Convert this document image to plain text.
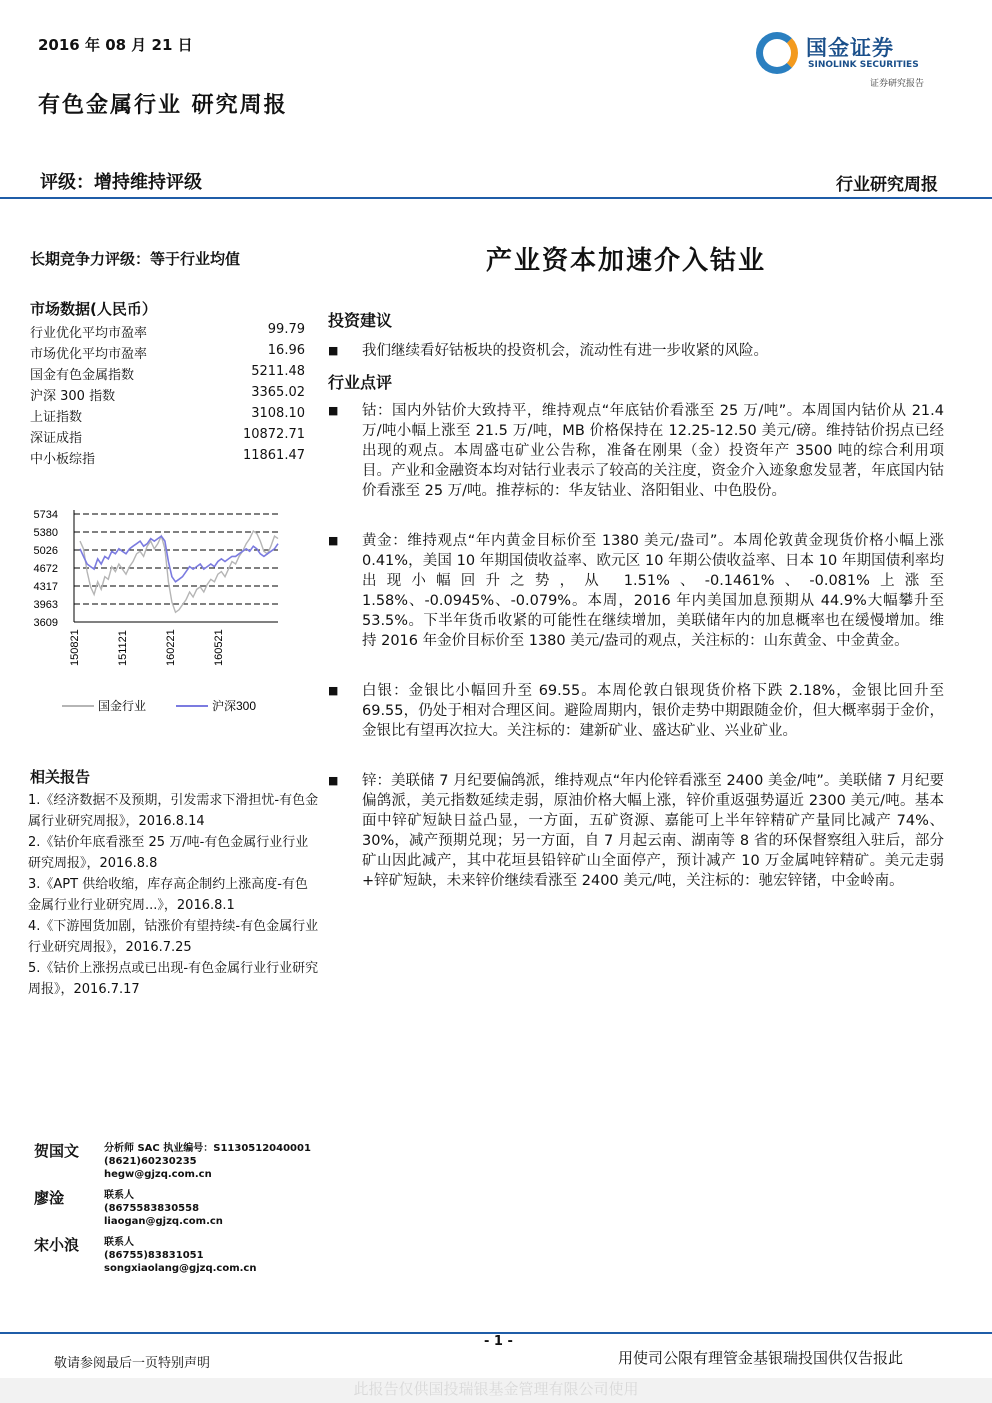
2016 年 08 月 21 日	国金证券
SINOLINK SECURITIES
证券研究报告
有色金属行业 研究周报
评级：增持维持评级	行业研究周报
长期竞争力评级：等于行业均值
市场数据(人民币）
行业优化平均市盈率	99.79
市场优化平均市盈率	16.96
国金有色金属指数	5211.48
沪深 300 指数	3365.02
上证指数	3108.10
深证成指	10872.71
中小板综指	11861.47
5734
5380
5026
4672
4317
3963
3609
150821	151121	160221	160521
国金行业	沪深300
相关报告
1.《经济数据不及预期，引发需求下滑担忧-有色金属行业研究周报》，2016.8.14
2.《钴价年底看涨至 25 万/吨-有色金属行业行业研究周报》，2016.8.8
3.《APT 供给收缩，库存高企制约上涨高度-有色金属行业行业研究周...》，2016.8.1
4.《下游囤货加剧，钴涨价有望持续-有色金属行业行业研究周报》，2016.7.25
5.《钴价上涨拐点或已出现-有色金属行业行业研究周报》，2016.7.17
产业资本加速介入钴业
投资建议
■ 我们继续看好钴板块的投资机会，流动性有进一步收紧的风险。
行业点评
■ 钴：国内外钴价大致持平，维持观点“年底钴价看涨至 25 万/吨”。本周国内钴价从 21.4 万/吨小幅上涨至 21.5 万/吨，MB 价格保持在 12.25-12.50 美元/磅。维持钴价拐点已经出现的观点。本周盛屯矿业公告称，准备在刚果（金）投资年产 3500 吨的综合利用项目。产业和金融资本均对钴行业表示了较高的关注度，资金介入迹象愈发显著，年底国内钴价看涨至 25 万/吨。推荐标的：华友钴业、洛阳钼业、中色股份。
■ 黄金：维持观点“年内黄金目标价至 1380 美元/盎司”。本周伦敦黄金现货价格小幅上涨 0.41%，美国 10 年期国债收益率、欧元区 10 年期公债收益率、日本 10 年期国债利率均出现小幅回升之势，从 1.51%、-0.1461%、-0.081%上涨至 1.58%、-0.0945%、-0.079%。本周，2016 年内美国加息预期从 44.9%大幅攀升至 53.5%。下半年货币收紧的可能性在继续增加，美联储年内的加息概率也在缓慢增加。维持 2016 年金价目标价至 1380 美元/盎司的观点，关注标的：山东黄金、中金黄金。
■ 白银：金银比小幅回升至 69.55。本周伦敦白银现货价格下跌 2.18%，金银比回升至 69.55，仍处于相对合理区间。避险周期内，银价走势中期跟随金价，但大概率弱于金价，金银比有望再次拉大。关注标的：建新矿业、盛达矿业、兴业矿业。
■ 锌：美联储 7 月纪要偏鸽派，维持观点“年内伦锌看涨至 2400 美金/吨”。美联储 7 月纪要偏鸽派，美元指数延续走弱，原油价格大幅上涨，锌价重返强势逼近 2300 美元/吨。基本面中锌矿短缺日益凸显，一方面，五矿资源、嘉能可上半年锌精矿产量同比减产 74%、30%，减产预期兑现；另一方面，自 7 月起云南、湖南等 8 省的环保督察组入驻后，部分矿山因此减产，其中花垣县铅锌矿山全面停产，预计减产 10 万金属吨锌精矿。美元走弱+锌矿短缺，未来锌价继续看涨至 2400 美元/吨，关注标的：驰宏锌锗，中金岭南。
贺国文 分析师 SAC 执业编号：S1130512040001
(8621)60230235
hegw@gjzq.com.cn
廖淦	联系人
(8675583830558
liaogan@gjzq.com.cn
宋小浪 联系人
(86755)83831051
songxiaolang@gjzq.com.cn
- 1 -
敬请参阅最后一页特别声明	用使司公限有理管金基银瑞投国供仅告报此
此报告仅供国投瑞银基金管理有限公司使用
